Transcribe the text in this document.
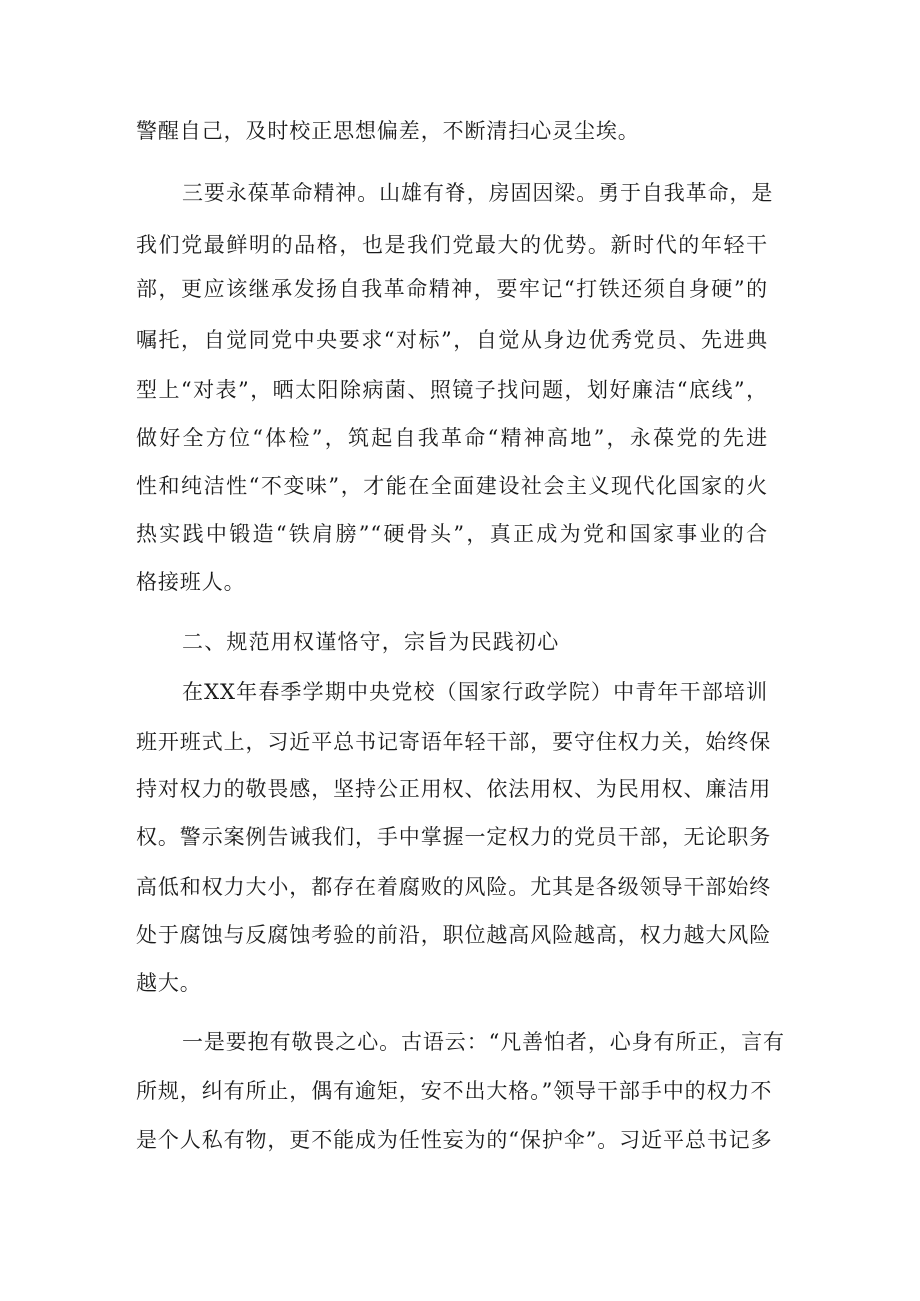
警醒自己，及时校正思想偏差，不断清扫心灵尘埃。
三要永葆革命精神。山雄有脊，房固因梁。勇于自我革命，是
我们党最鲜明的品格，也是我们党最大的优势。新时代的年轻干
部，更应该继承发扬自我革命精神，要牢记“打铁还须自身硬”的
嘱托，自觉同党中央要求“对标”，自觉从身边优秀党员、先进典
型上“对表”，晒太阳除病菌、照镜子找问题，划好廉洁“底线”，
做好全方位“体检”，筑起自我革命“精神高地”，永葆党的先进
性和纯洁性“不变味”，才能在全面建设社会主义现代化国家的火
热实践中锻造“铁肩膀”“硬骨头”，真正成为党和国家事业的合
格接班人。
二、规范用权谨恪守，宗旨为民践初心
在XX年春季学期中央党校（国家行政学院）中青年干部培训
班开班式上，习近平总书记寄语年轻干部，要守住权力关，始终保
持对权力的敬畏感，坚持公正用权、依法用权、为民用权、廉洁用
权。警示案例告诫我们，手中掌握一定权力的党员干部，无论职务
高低和权力大小，都存在着腐败的风险。尤其是各级领导干部始终
处于腐蚀与反腐蚀考验的前沿，职位越高风险越高，权力越大风险
越大。
一是要抱有敬畏之心。古语云：“凡善怕者，心身有所正，言有
所规，纠有所止，偶有逾矩，安不出大格。”领导干部手中的权力不
是个人私有物，更不能成为任性妄为的“保护伞”。习近平总书记多
